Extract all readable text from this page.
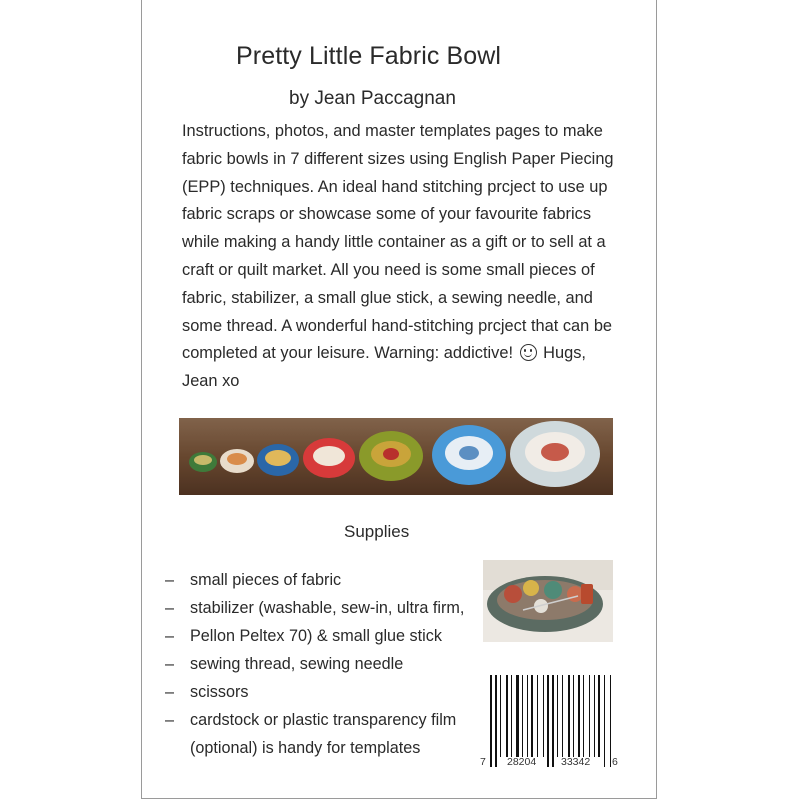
Pretty Little Fabric Bowl
by Jean Paccagnan

Instructions, photos, and master templates pages to make fabric bowls in 7 different sizes using English Paper Piecing (EPP) techniques. An ideal hand stitching prcject to use up fabric scraps or showcase some of your favourite fabrics while making a handy little container as a gift or to sell at a craft or quilt market. All you need is some small pieces of fabric, stabilizer, a small glue stick, a sewing needle, and some thread. A wonderful hand-stitching prcject that can be completed at your leisure. Warning: addictive! Hugs, Jean xo

Supplies
– small pieces of fabric
– stabilizer (washable, sew-in, ultra firm,
– Pellon Peltex 70) & small glue stick
– sewing thread, sewing needle
– scissors
– cardstock or plastic transparency film
(optional) is handy for templates
7 28204 33342 6
